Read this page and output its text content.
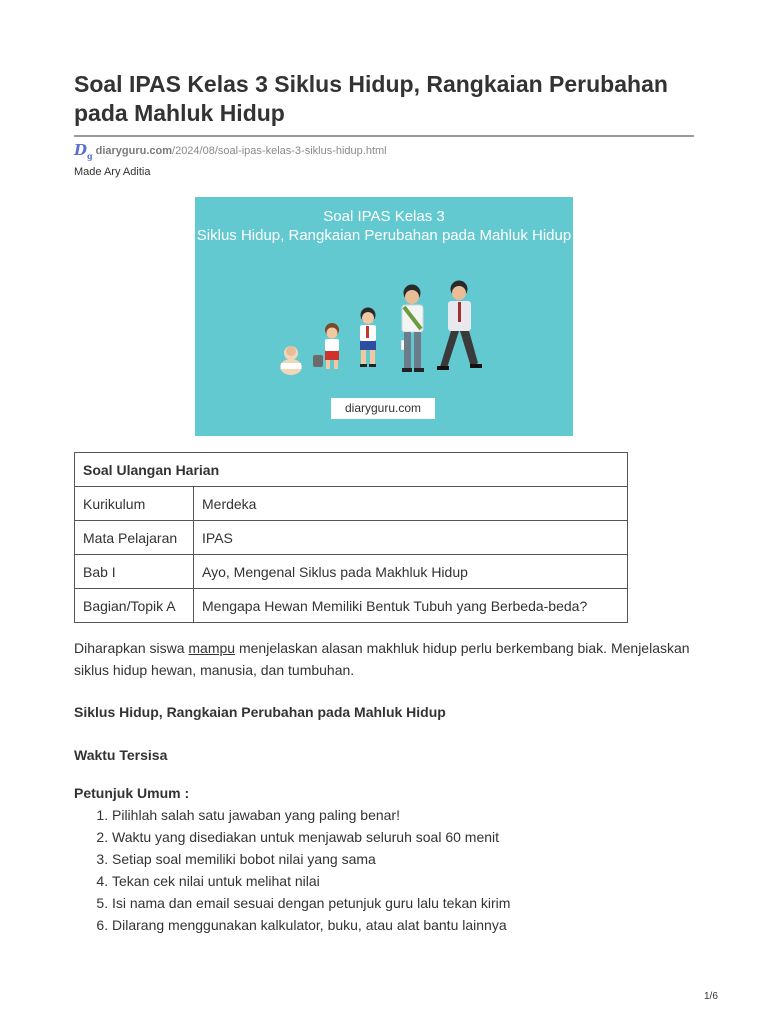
Soal IPAS Kelas 3 Siklus Hidup, Rangkaian Perubahan pada Mahluk Hidup
$D_g$ diaryguru.com /2024/08/soal-ipas-kelas-3-siklus-hidup.html
Made Ary Aditia
Soal IPAS Kelas 3
Siklus Hidup, Rangkaian Perubahan pada Mahluk Hidup
diaryguru.com
Soal Ulangan Harian	
Kurikulum	Merdeka
Mata Pelajaran	IPAS
Bab I	Ayo, Mengenal Siklus pada Makhluk Hidup
Bagian/Topik A	Mengapa Hewan Memiliki Bentuk Tubuh yang Berbeda-beda?

Diharapkan siswa mampu menjelaskan alasan makhluk hidup perlu berkembang biak. Menjelaskan siklus hidup hewan, manusia, dan tumbuhan.

Siklus Hidup, Rangkaian Perubahan pada Mahluk Hidup
Waktu Tersisa
Petunjuk Umum :
1. Pilihlah salah satu jawaban yang paling benar!
2. Waktu yang disediakan untuk menjawab seluruh soal 60 menit
3. Setiap soal memiliki bobot nilai yang sama
4. Tekan cek nilai untuk melihat nilai
5. Isi nama dan email sesuai dengan petunjuk guru lalu tekan kirim
6. Dilarang menggunakan kalkulator, buku, atau alat bantu lainnya
1/6
